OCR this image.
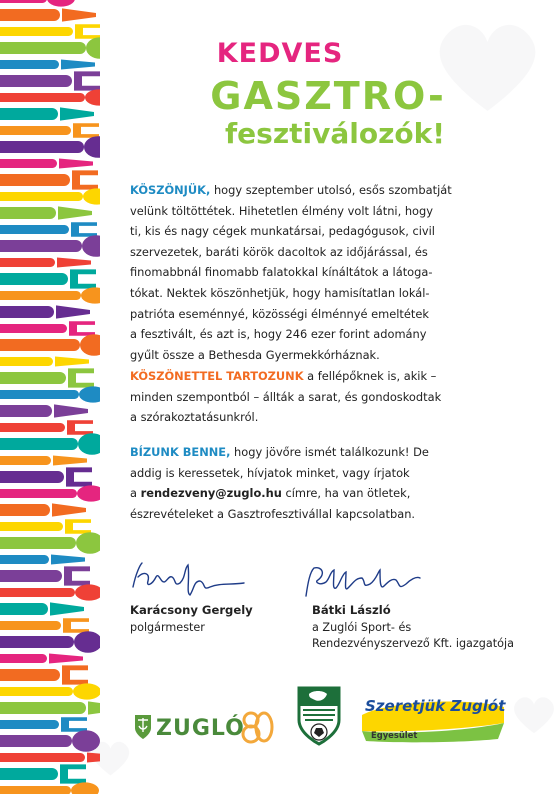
KEDVES
GASZTRO-
fesztiválozók!
KÖSZÖNJÜK, hogy szeptember utolsó, esős szombatját
velünk töltöttétek. Hihetetlen élmény volt látni, hogy
ti, kis és nagy cégek munkatársai, pedagógusok, civil
szervezetek, baráti körök dacoltok az időjárással, és
finomabbnál finomabb falatokkal kínáltátok a látoga-
tókat. Nektek köszönhetjük, hogy hamisítatlan lokál-
patrióta eseménnyé, közösségi élménnyé emeltétek
a fesztivált, és azt is, hogy 246 ezer forint adomány
gyűlt össze a Bethesda Gyermekkórháznak.
KÖSZÖNETTEL TARTOZUNK a fellépőknek is, akik –
minden szempontból – állták a sarat, és gondoskodtak
a szórakoztatásunkról.
BÍZUNK BENNE, hogy jövőre ismét találkozunk! De
addig is keressetek, hívjatok minket, vagy írjatok
a rendezveny@zuglo.hu címre, ha van ötletek,
észrevételeket a Gasztrofesztivállal kapcsolatban.
Karácsony Gergely
polgármester
Bátki László
a Zuglói Sport- és
Rendezvényszervező Kft. igazgatója
ZUGLÓ
Szeretjük Zuglót
Egyesület
